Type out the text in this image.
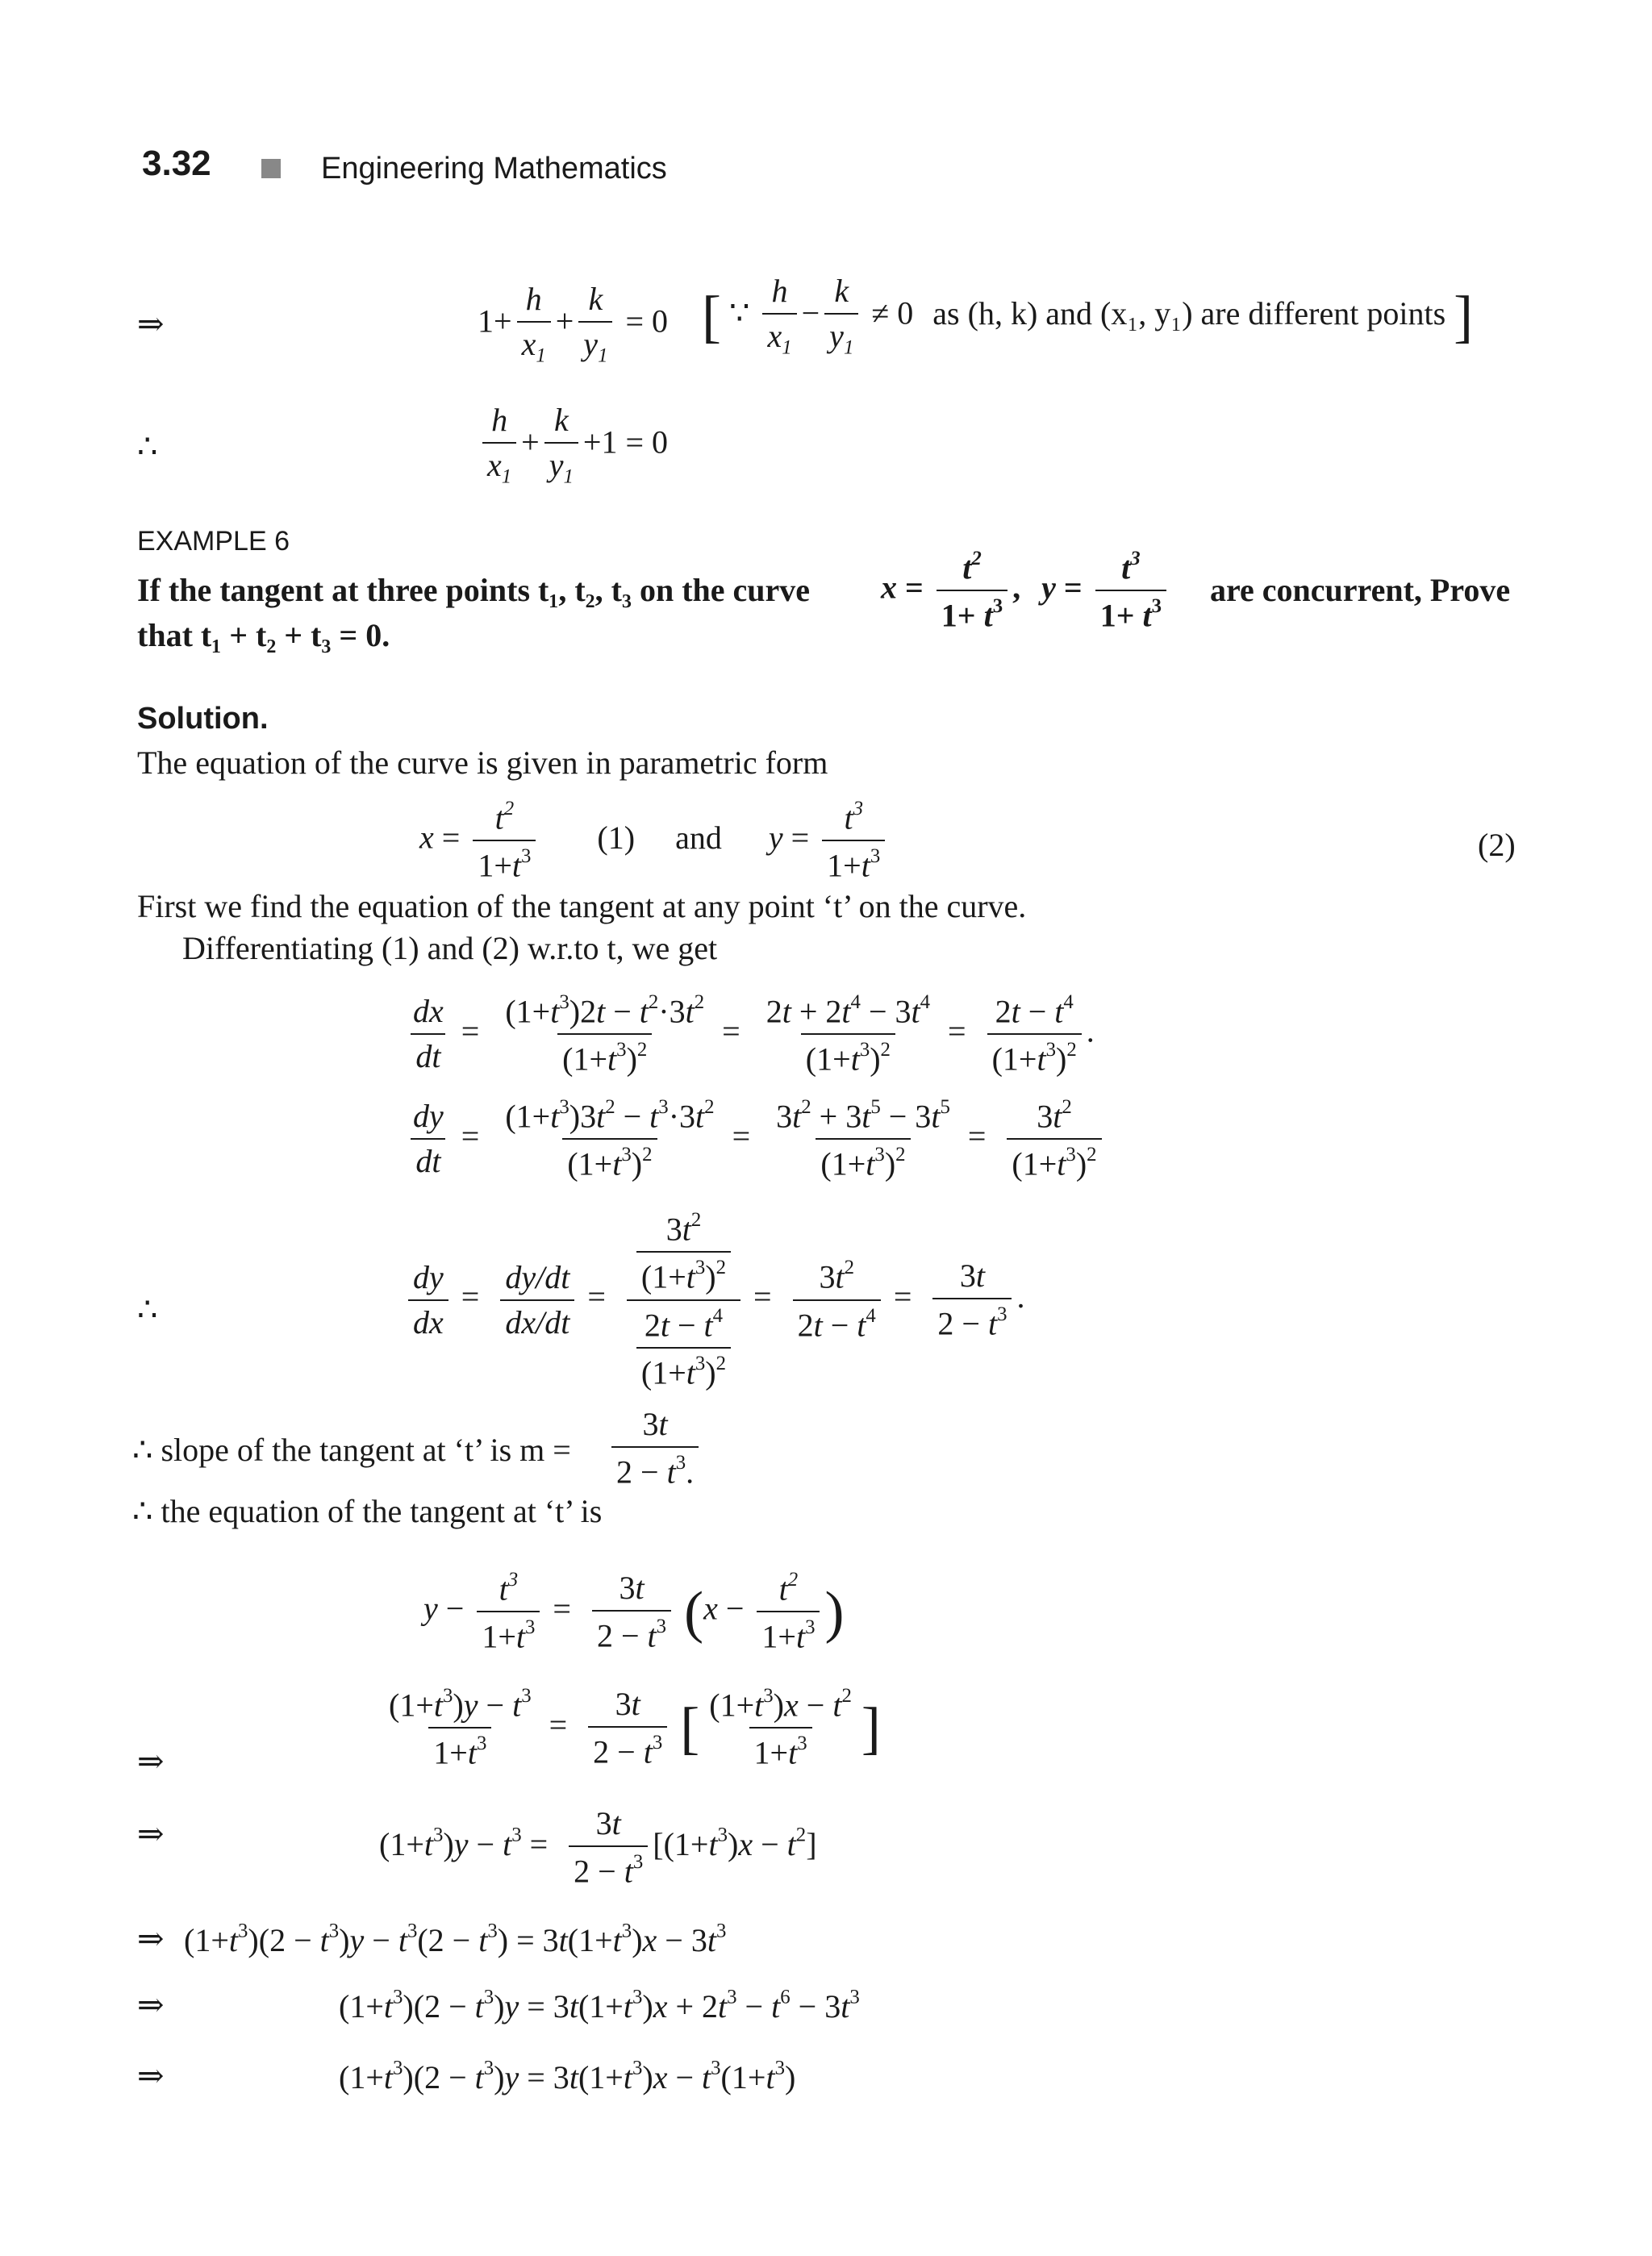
3.32	Engineering Mathematics
⇒	$1+ \frac{h}{x_1} + \frac{k}{y_1} = 0$ [ ∵ $\frac{h}{x_1} - \frac{k}{y_1} \ne 0$ as (h, k) and (x₁, y₁) are different points ]
∴	$\frac{h}{x_1} + \frac{k}{y_1} +1 = 0$
EXAMPLE 6
If the tangent at three points t₁, t₂, t₃ on the curve $x = \frac{t^2}{1+ t^3}$ , $y = \frac{t^3}{1+ t^3}$ are concurrent, Prove
that t₁ + t₂ + t₃ = 0.
Solution.
The equation of the curve is given in parametric form
$x = \frac{t^2}{1+t^3} (1)$ and $y = \frac{t^3}{1+t^3}$	(2)
First we find the equation of the tangent at any point ‘t’ on the curve.
Differentiating (1) and (2) w.r.to t, we get
$\frac{dx}{dt} = \frac{(1+t^3)2t - t^2\cdot 3t^2}{(1+t^3)^2} = \frac{2t + 2t^4 - 3t^4}{(1+t^3)^2} = \frac{2t - t^4}{(1+t^3)^2}$ .
$\frac{dy}{dt} = \frac{(1+t^3)3t^2 - t^3\cdot 3t^2}{(1+t^3)^2} = \frac{3t^2 + 3t^5 - 3t^5}{(1+t^3)^2} = \frac{3t^2}{(1+t^3)^2}$
∴	$\frac{dy}{dx} = \frac{dy/dt}{dx/dt} = \frac{\frac{3t^2}{(1+t^3)^2}}{\frac{2t - t^4}{(1+t^3)^2}} = \frac{3t^2}{2t - t^4} = \frac{3t}{2 - t^3}$ .
∴ slope of the tangent at ‘t’ is $m = \frac{3t}{2 - t^3.}$
∴ the equation of the tangent at ‘t’ is
$y - \frac{t^3}{1+t^3} = \frac{3t}{2 - t^3} (x - \frac{t^2}{1+t^3}$ )
⇒	$\frac{(1+t^3)y - t^3}{1+t^3} = \frac{3t}{2 - t^3}$ [ $\frac{(1+t^3)x - t^2}{1+t^3}$ ]
⇒	$(1+t^3)y - t^3 = \frac{3t}{2 - t^3} [(1+t^3)x - t^2]$
⇒ $(1+t^3)(2 - t^3)y - t^3(2 - t^3) = 3t(1+t^3)x - 3t^3$
⇒	$(1+t^3)(2 - t^3)y = 3t(1+t^3)x + 2t^3 - t^6 - 3t^3$
⇒	$(1+t^3)(2 - t^3)y = 3t(1+t^3)x - t^3(1+t^3)$
